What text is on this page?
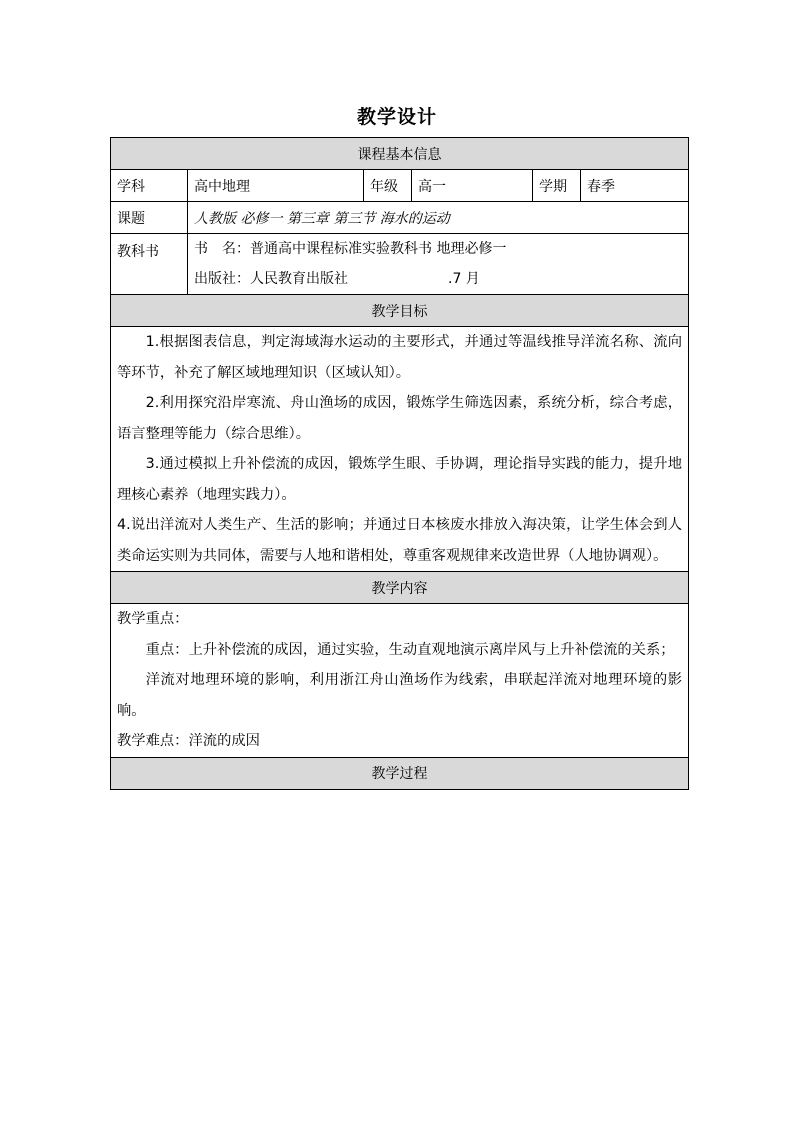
教学设计
课程基本信息					
学科	高中地理	年级	高一	学期	春季
课题	人教版 必修一 第三章 第三节 海水的运动				
教科书	书　名：普通高中课程标准实验教科书 地理必修一
出版社：人民教育出版社 .7 月				

教学目标					

1.根据图表信息，判定海域海水运动的主要形式，并通过等温线推导洋流名称、流向等环节，补充了解区域地理知识（区域认知）。

2.利用探究沿岸寒流、舟山渔场的成因，锻炼学生筛选因素，系统分析，综合考虑，语言整理等能力（综合思维）。

3.通过模拟上升补偿流的成因，锻炼学生眼、手协调，理论指导实践的能力，提升地理核心素养（地理实践力）。

4.说出洋流对人类生产、生活的影响；并通过日本核废水排放入海决策，让学生体会到人类命运实则为共同体，需要与人地和谐相处，尊重客观规律来改造世界（人地协调观）。					

教学内容					

教学重点：

重点：上升补偿流的成因，通过实验，生动直观地演示离岸风与上升补偿流的关系；

洋流对地理环境的影响，利用浙江舟山渔场作为线索，串联起洋流对地理环境的影响。

教学难点：洋流的成因					

教学过程					
